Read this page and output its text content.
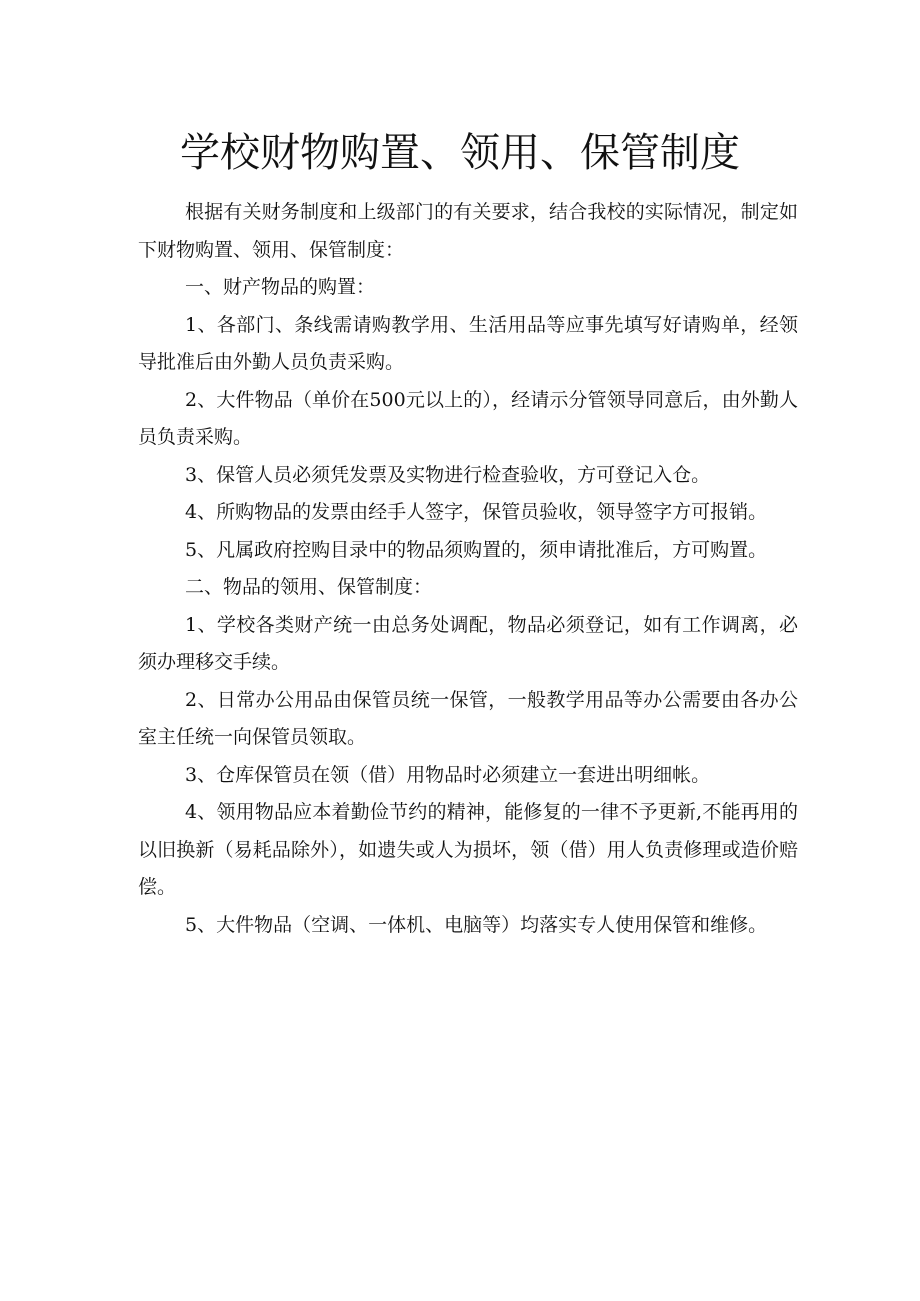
学校财物购置、领用、保管制度

根据有关财务制度和上级部门的有关要求，结合我校的实际情况，制定如下财物购置、领用、保管制度：

一、财产物品的购置：

1、各部门、条线需请购教学用、生活用品等应事先填写好请购单，经领导批准后由外勤人员负责采购。

2、大件物品（单价在500元以上的），经请示分管领导同意后，由外勤人员负责采购。

3、保管人员必须凭发票及实物进行检查验收，方可登记入仓。

4、所购物品的发票由经手人签字，保管员验收，领导签字方可报销。

5、凡属政府控购目录中的物品须购置的，须申请批准后，方可购置。

二、物品的领用、保管制度：

1、学校各类财产统一由总务处调配，物品必须登记，如有工作调离，必须办理移交手续。

2、日常办公用品由保管员统一保管，一般教学用品等办公需要由各办公室主任统一向保管员领取。

3、仓库保管员在领（借）用物品时必须建立一套进出明细帐。

4、领用物品应本着勤俭节约的精神，能修复的一律不予更新,不能再用的以旧换新（易耗品除外），如遗失或人为损坏，领（借）用人负责修理或造价赔偿。

5、大件物品（空调、一体机、电脑等）均落实专人使用保管和维修。
